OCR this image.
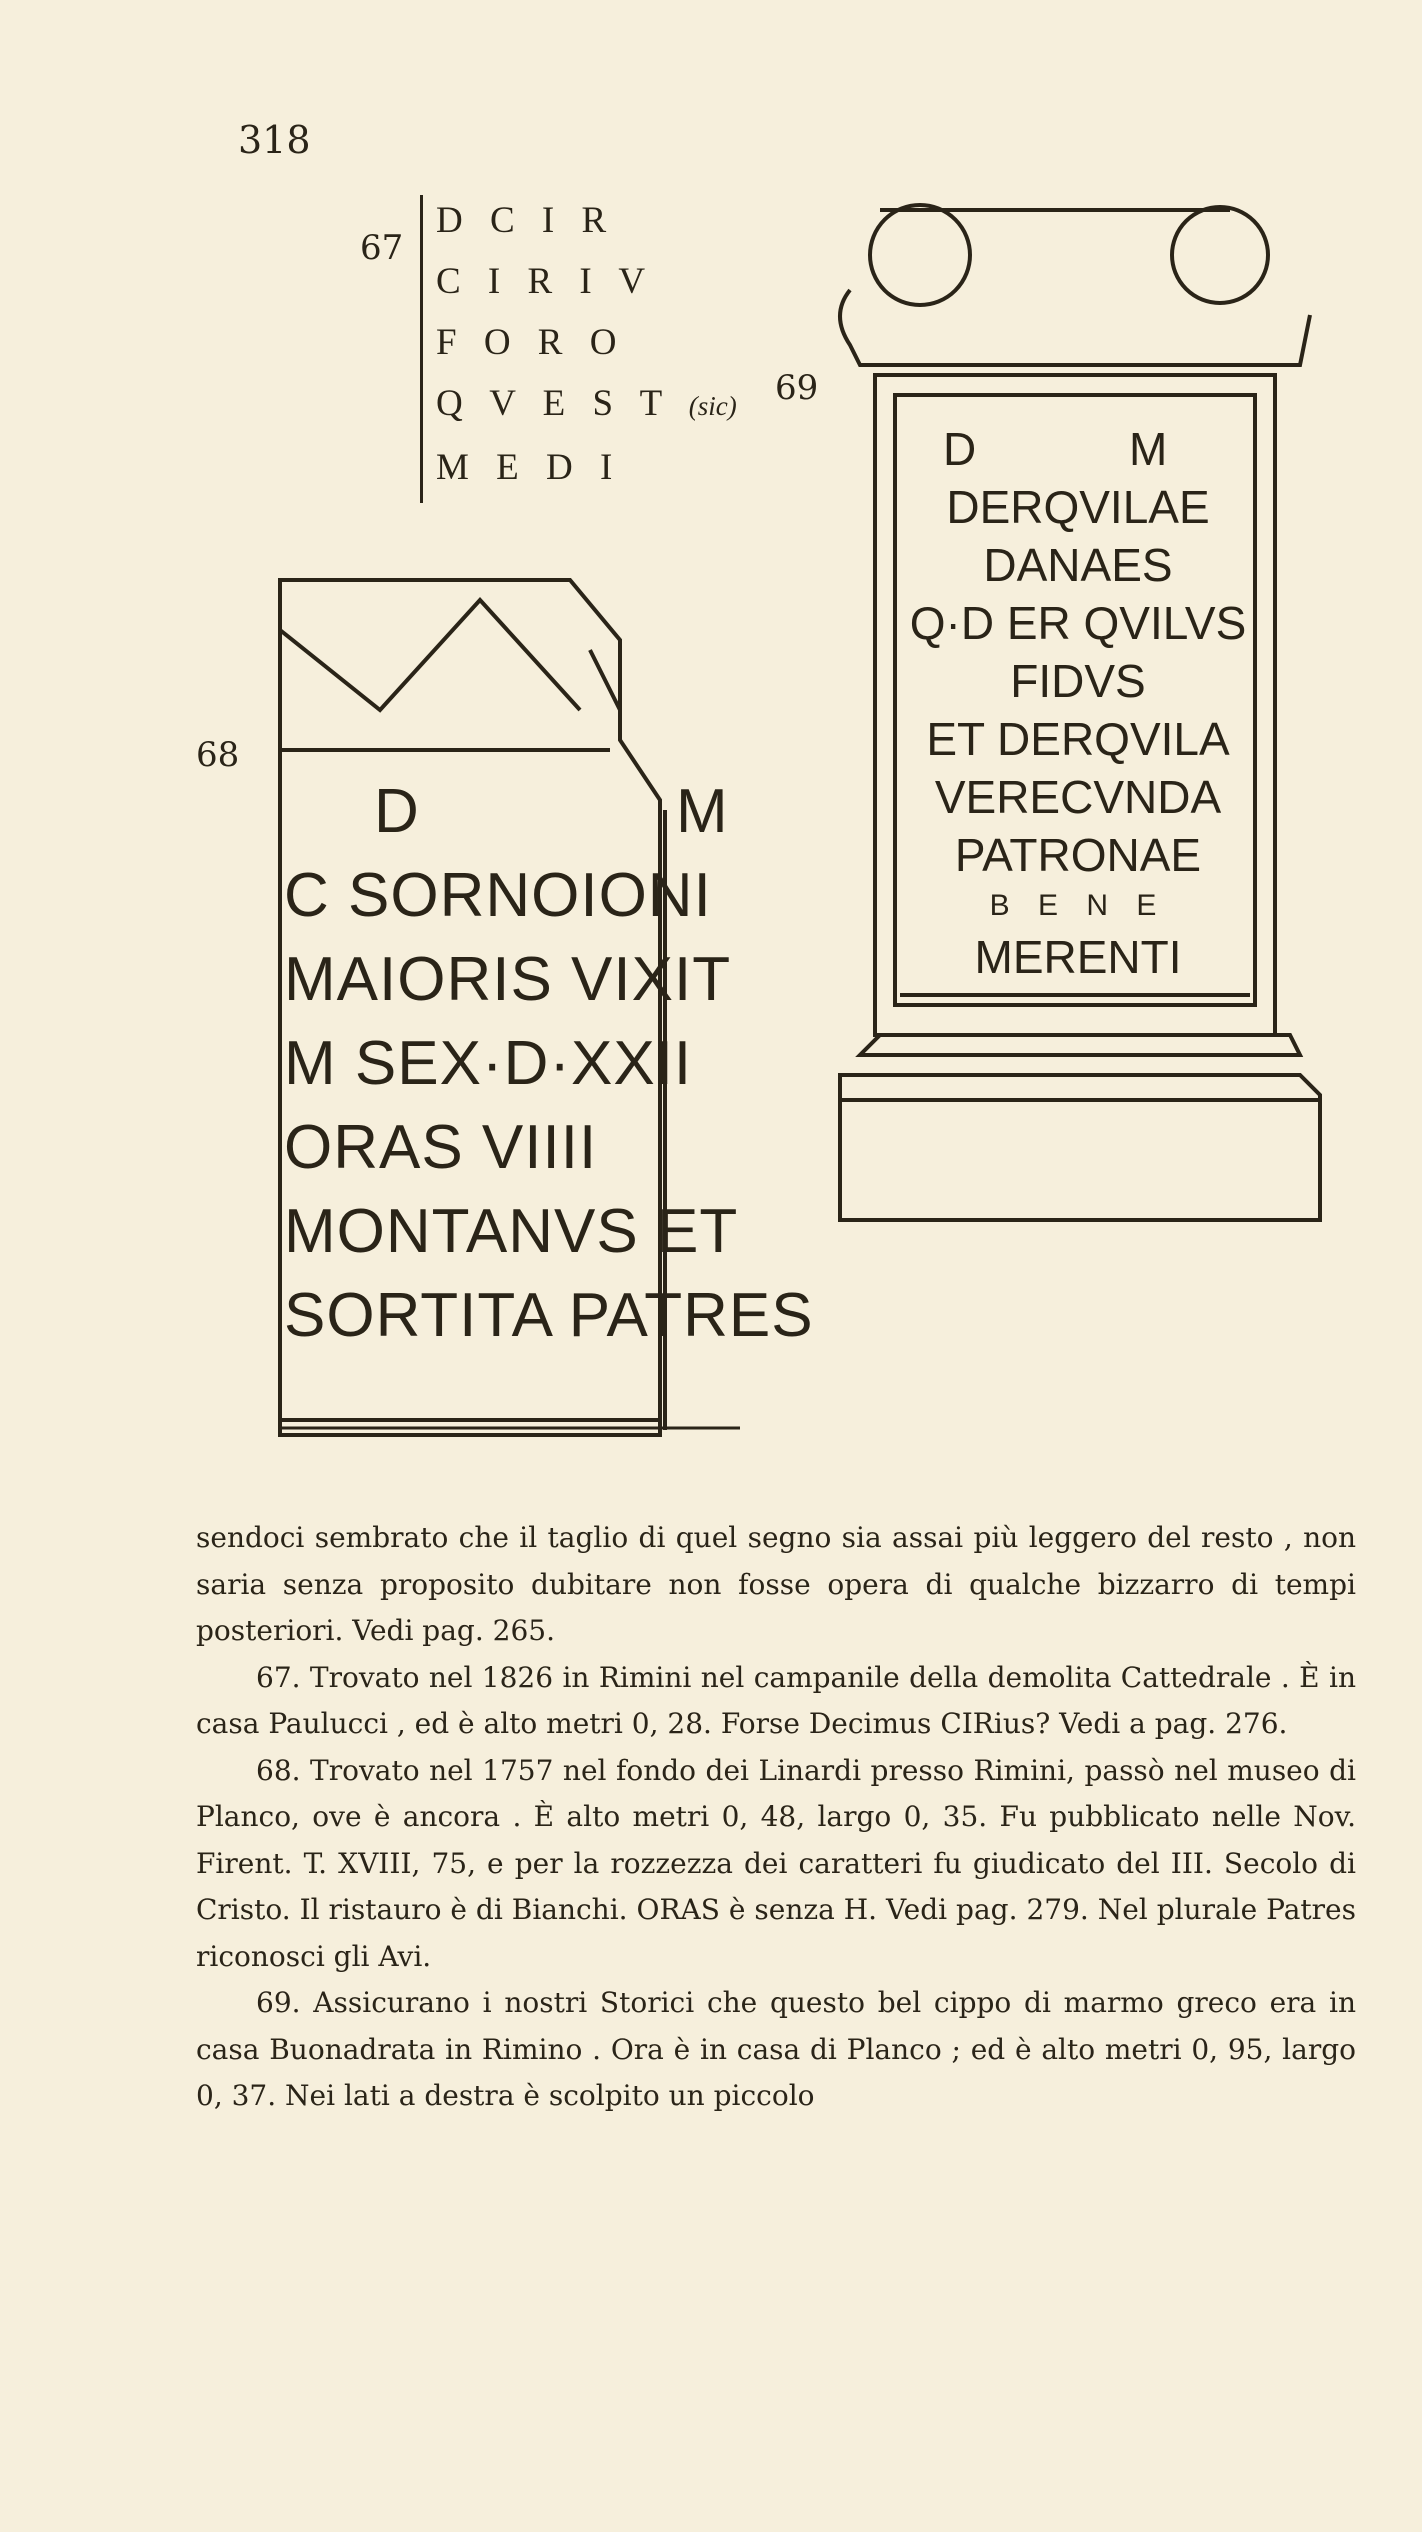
318
67
D C I R
C I R I V
F O R O
Q V E S T (sic)
M E D I
68
D M
C SORNOIONI
MAIORIS VIXIT
M SEX·D·XXII
ORAS VIIII
MONTANVS ET
SORTITA PATRES
69
D M
DERQVILAE
DANAES
Q·D ER QVILVS
FIDVS
ET DERQVILA
VERECVNDA
PATRONAE
B E N E
MERENTI

sendoci sembrato che il taglio di quel segno sia assai più leggero del resto , non saria senza proposito dubitare non fosse opera di qualche bizzarro di tempi posteriori. Vedi pag. 265.

67. Trovato nel 1826 in Rimini nel campanile della demolita Cattedrale . È in casa Paulucci , ed è alto metri 0, 28. Forse Decimus CIRius? Vedi a pag. 276.

68. Trovato nel 1757 nel fondo dei Linardi presso Rimini, passò nel museo di Planco, ove è ancora . È alto metri 0, 48, largo 0, 35. Fu pubblicato nelle Nov. Firent. T. XVIII, 75, e per la rozzezza dei caratteri fu giudicato del III. Secolo di Cristo. Il ristauro è di Bianchi. ORAS è senza H. Vedi pag. 279. Nel plurale Patres riconosci gli Avi.

69. Assicurano i nostri Storici che questo bel cippo di marmo greco era in casa Buonadrata in Rimino . Ora è in casa di Planco ; ed è alto metri 0, 95, largo 0, 37. Nei lati a destra è scolpito un piccolo
